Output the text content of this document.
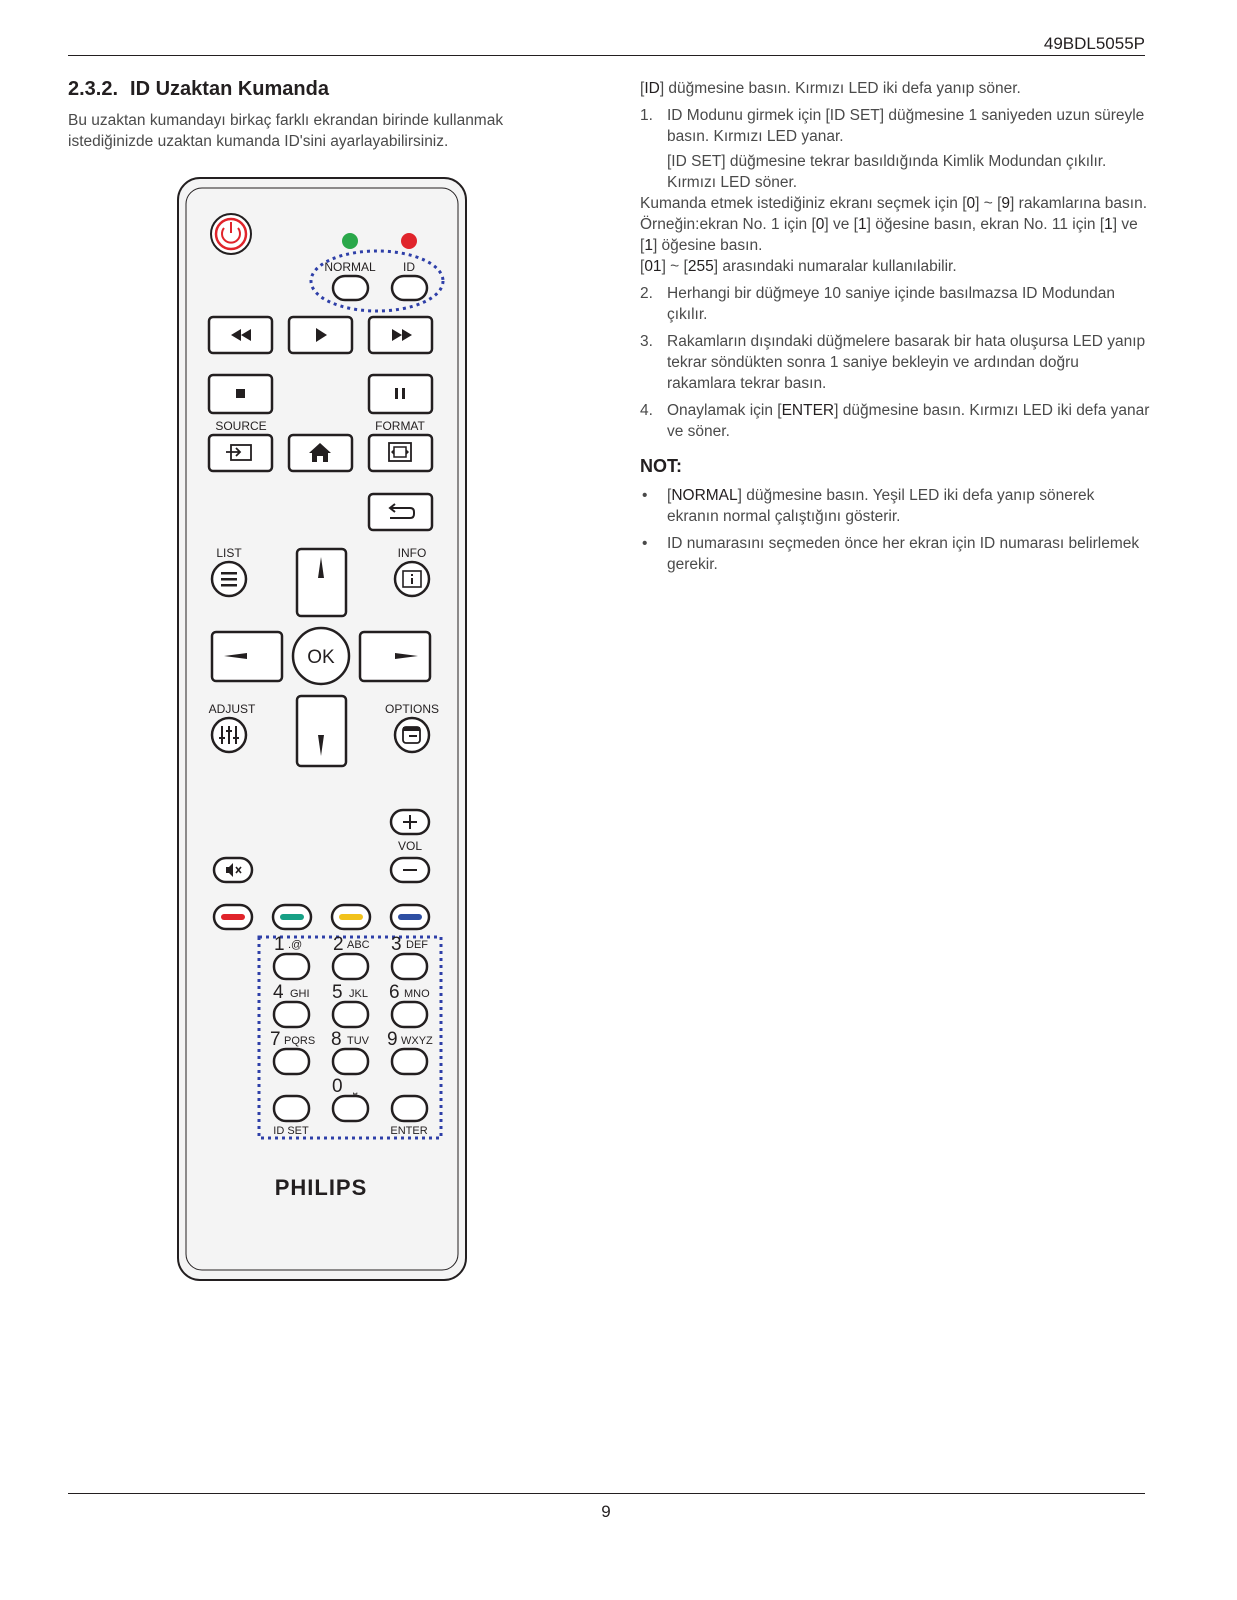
49BDL5055P
2.3.2. ID Uzaktan Kumanda

Bu uzaktan kumandayı birkaç farklı ekrandan birinde kullanmak istediğinizde uzaktan kumanda ID'sini ayarlayabilirsiniz.

NORMAL ID
SOURCE	FORMAT
LIST	INFO
OK
ADJUST	OPTIONS
VOL
1 .@ 2 ABC 3 DEF
4 GHI 5 JKL 6 MNO
7 PQRS 8 TUV 9 WXYZ
0 ⎵
ID SET	ENTER
PHILIPS

[ID] düğmesine basın. Kırmızı LED iki defa yanıp söner.

1. ID Modunu girmek için [ID SET] düğmesine 1 saniyeden uzun süreyle basın. Kırmızı LED yanar.
[ID SET] düğmesine tekrar basıldığında Kimlik Modundan çıkılır. Kırmızı LED söner.

Kumanda etmek istediğiniz ekranı seçmek için [0] ~ [9] rakamlarına basın.

Örneğin:ekran No. 1 için [0] ve [1] öğesine basın, ekran No. 11 için [1] ve [1] öğesine basın.

[01] ~ [255] arasındaki numaralar kullanılabilir.

2. Herhangi bir düğmeye 10 saniye içinde basılmazsa ID Modundan çıkılır.
3. Rakamların dışındaki düğmelere basarak bir hata oluşursa LED yanıp tekrar söndükten sonra 1 saniye bekleyin ve ardından doğru rakamlara tekrar basın.
4. Onaylamak için [ENTER] düğmesine basın. Kırmızı LED iki defa yanar ve söner.
NOT:
• [NORMAL] düğmesine basın. Yeşil LED iki defa yanıp sönerek ekranın normal çalıştığını gösterir.
• ID numarasını seçmeden önce her ekran için ID numarası belirlemek gerekir.
9
